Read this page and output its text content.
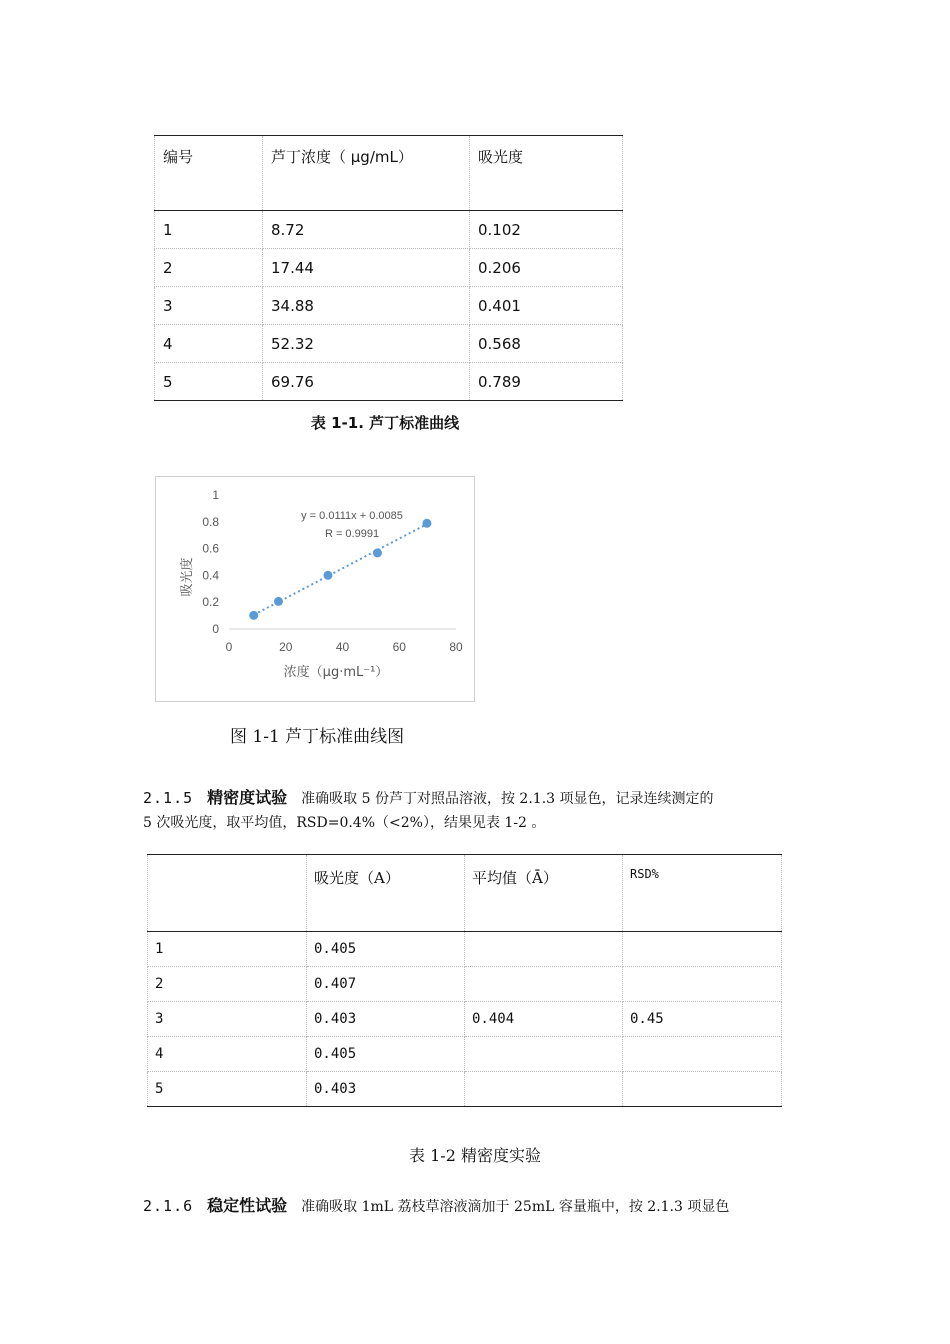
编号	芦丁浓度（ μg/mL）	吸光度
1	8.72	0.102
2	17.44	0.206
3	34.88	0.401
4	52.32	0.568
5	69.76	0.789
表 1-1. 芦丁标准曲线
0
0.2
0.4
0.6
0.8
1
0	20	40	60	80
y = 0.0111x + 0.0085
R = 0.9991
吸光度
浓度（μg·mL⁻¹）
图 1-1 芦丁标准曲线图
2.1.5 精密度试验 准确吸取 5 份芦丁对照品溶液，按 2.1.3 项显色，记录连续测定的
5 次吸光度，取平均值，RSD=0.4%（<2%），结果见表 1-2 。
	吸光度（A）	平均值（Ā）	RSD%
1	0.405		
2	0.407		
3	0.403	0.404	0.45
4	0.405		
5	0.403		
表 1-2 精密度实验
2.1.6 稳定性试验 准确吸取 1mL 荔枝草溶液滴加于 25mL 容量瓶中，按 2.1.3 项显色
